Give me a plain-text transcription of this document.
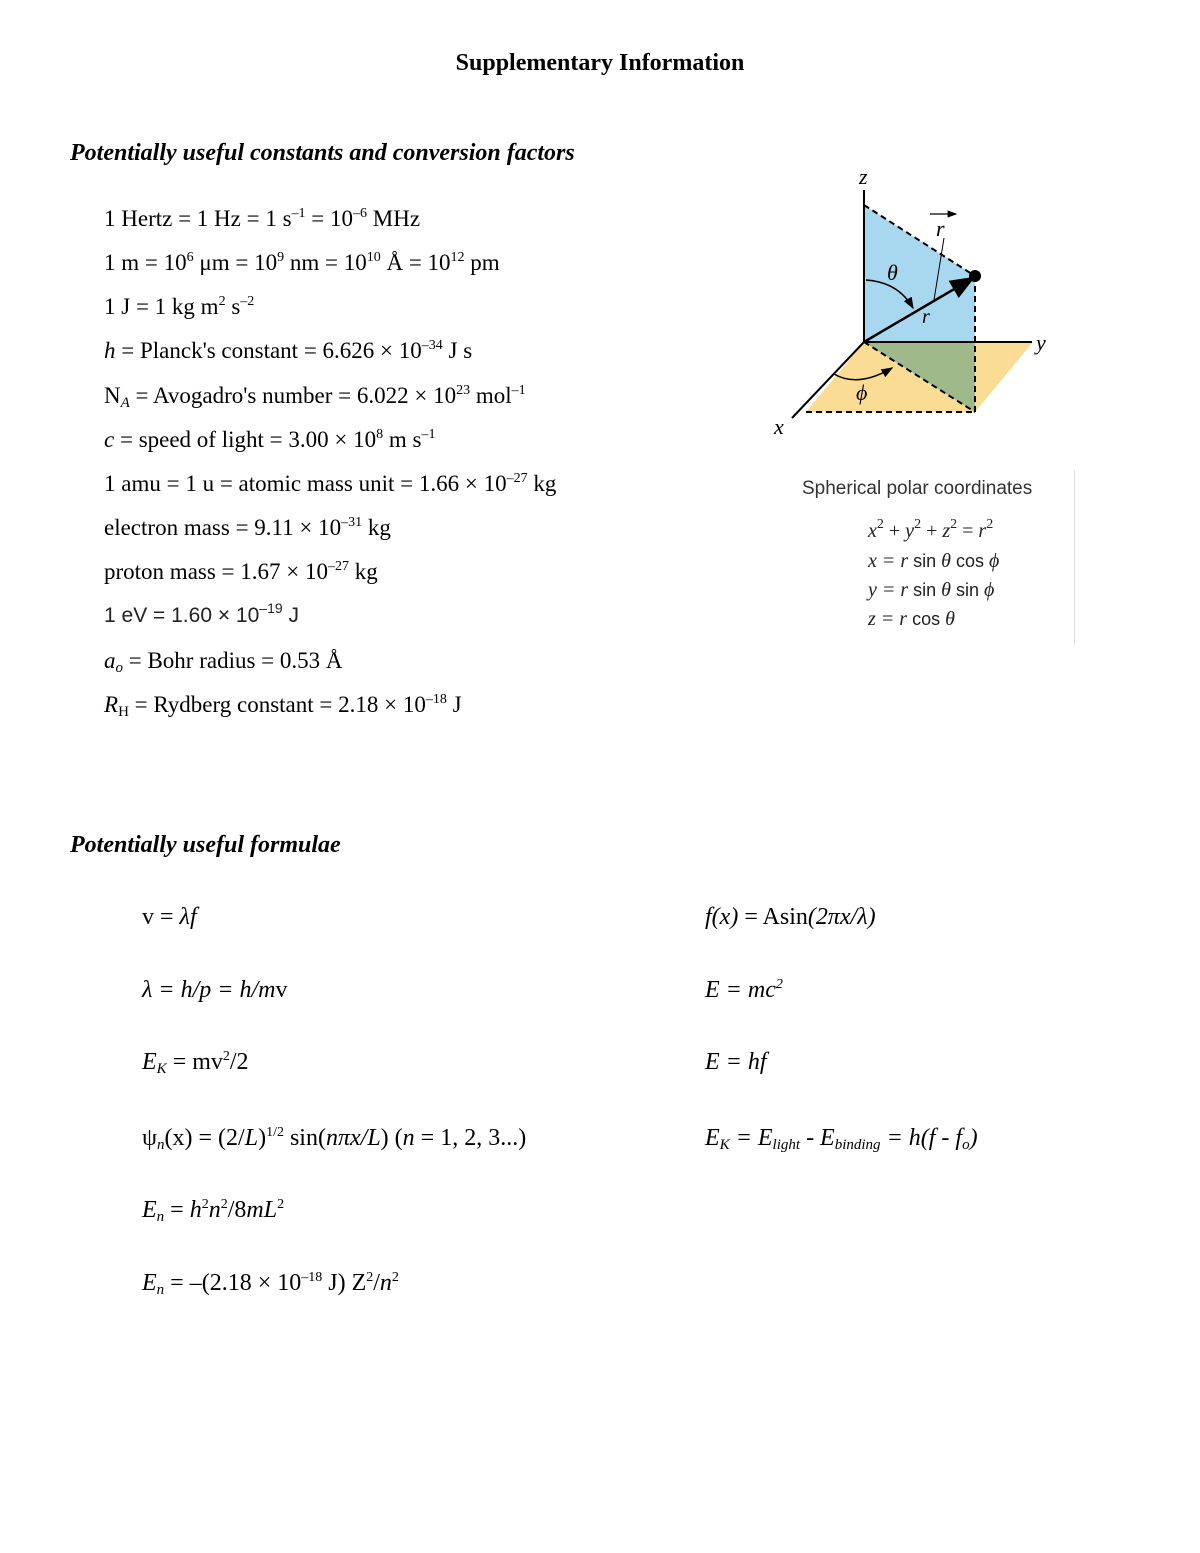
Supplementary Information
Potentially useful constants and conversion factors
1 Hertz = 1 Hz = 1 $s^{-1} = 10^{-6}$ MHz
1 $m = 10^6$ $\mu m = 10^9$ nm = $10^{10}$ Å = $10^{12}$ pm
1 J = 1 kg $m^2$ $s^{-2}$
h = Planck's constant = $6.626 \times 10^{-34}$ J s
$N_A$ = Avogadro's number = $6.022 \times 10^{23}$ mol$^{-1}$
c = speed of light = $3.00 \times 10^8$ m $s^{-1}$
1 amu = 1 u = atomic mass unit = $1.66 \times 10^{-27}$ kg
electron mass = $9.11 \times 10^{-31}$ kg
proton mass = $1.67 \times 10^{-27}$ kg
1 eV = $1.60 \times 10^{-19}$ J
$a_o$ = Bohr radius = 0.53 Å
$R_H$ = Rydberg constant = $2.18 \times 10^{-18}$ J
z
y
x
r
r
θ
ϕ
Spherical polar coordinates
$x^2 + y^2 + z^2 = r^2$
x = r sin θ cos ϕ
y = r sin θ sin ϕ
z = r cos θ
Potentially useful formulae
v = λf	f(x) = Asin(2πx/λ)
λ = h/p = h/mv	$E = mc^2$
$E_K = mv^2/2$	E = hf
$\psi_n(x) = (2/L)^{1/2}$ sin(nπx/L) (n = 1, 2, 3...)	$E_K = E_{light} - E_{binding} = h(f - f_o)$
$E_n = h^2n^2/8mL^2$
$E_n = -(2.18 \times 10^{-18}$ J) $Z^2/n^2$
